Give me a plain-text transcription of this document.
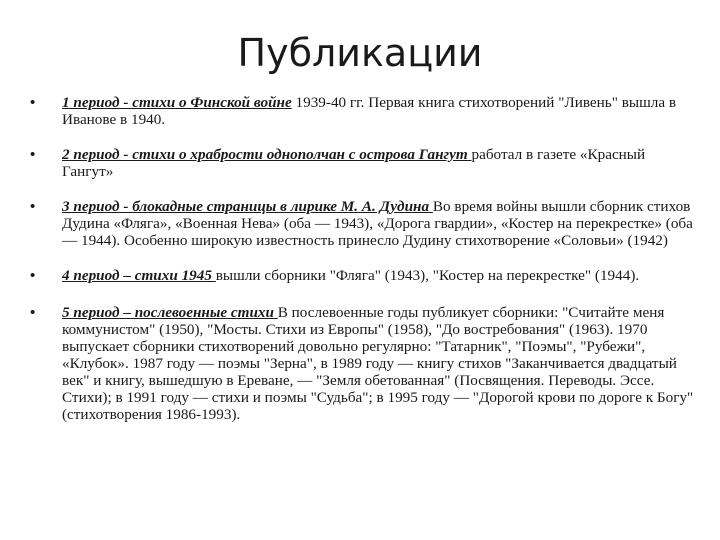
Публикации
• 1 период - стихи о Финской войне 1939-40 гг. Первая книга стихотворений "Ливень" вышла в Иванове в 1940.
• 2 период - стихи о храбрости однополчан с острова Гангут работал в газете «Красный Гангут»
• 3 период - блокадные страницы в лирике М. А. Дудина Во время войны вышли сборник стихов Дудина «Фляга», «Военная Нева» (оба — 1943), «Дорога гвардии», «Костер на перекрестке» (оба — 1944). Особенно широкую известность принесло Дудину стихотворение «Соловьи» (1942)
• 4 период – стихи 1945 вышли сборники "Фляга" (1943), "Костер на перекрестке" (1944).
• 5 период – послевоенные стихи В послевоенные годы публикует сборники: "Считайте меня коммунистом" (1950), "Мосты. Стихи из Европы" (1958), "До востребования" (1963). 1970 выпускает сборники стихотворений довольно регулярно: "Татарник", "Поэмы", "Рубежи", «Клубок». 1987 году — поэмы "Зерна", в 1989 году — книгу стихов "Заканчивается двадцатый век" и книгу, вышедшую в Ереване, — "Земля обетованная" (Посвящения. Переводы. Эссе. Стихи); в 1991 году — стихи и поэмы "Судьба"; в 1995 году — "Дорогой крови по дороге к Богу" (стихотворения 1986-1993).
